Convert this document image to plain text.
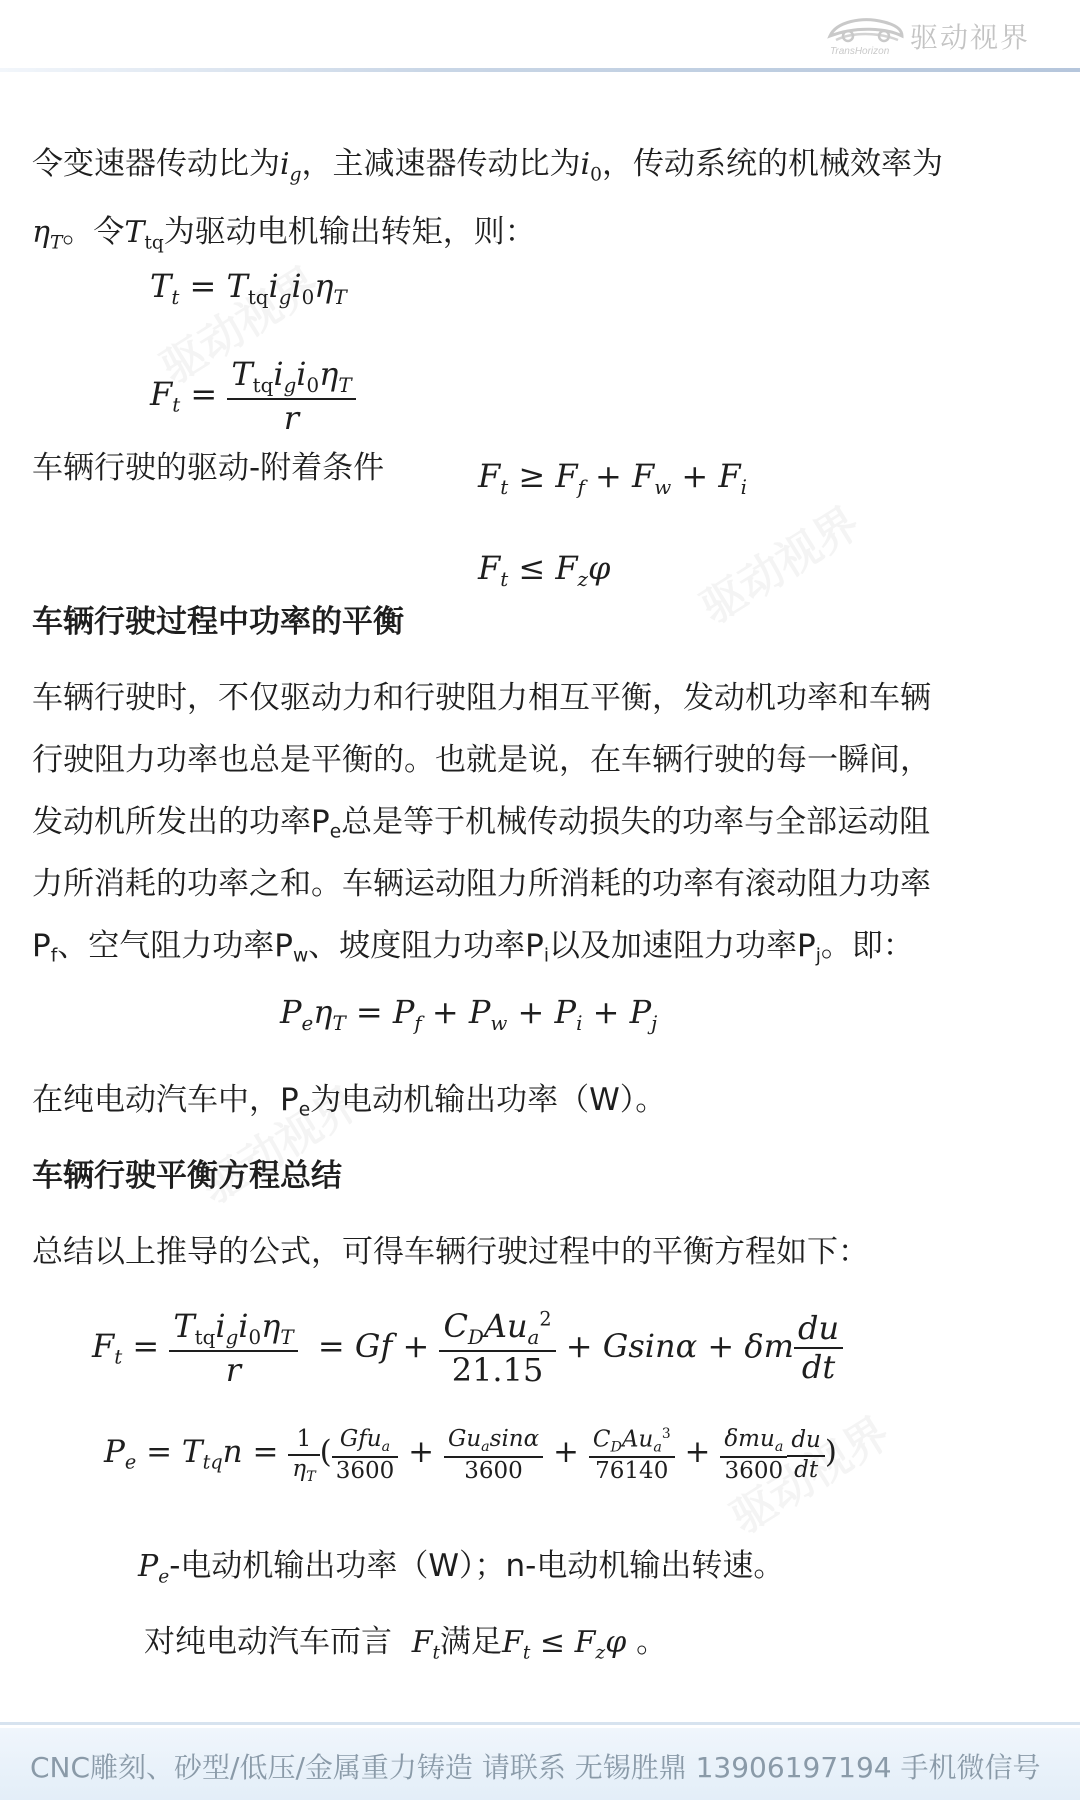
驱动视界
TransHorizon
令变速器传动比为$i_g$，主减速器传动比为$i_0$，传动系统的机械效率为
$\eta_T$。令$T_{tq}$为驱动电机输出转矩，则：
$T_t = T_{tq}i_gi_0\eta_T$
$F_t = \frac{T_{tq}i_gi_0\eta_T}{r}$
车辆行驶的驱动-附着条件	$F_t \ge F_f + F_w + F_i$
$F_t \le F_z\varphi$
车辆行驶过程中功率的平衡
车辆行驶时，不仅驱动力和行驶阻力相互平衡，发动机功率和车辆
行驶阻力功率也总是平衡的。也就是说，在车辆行驶的每一瞬间，
发动机所发出的功率Pe总是等于机械传动损失的功率与全部运动阻
力所消耗的功率之和。车辆运动阻力所消耗的功率有滚动阻力功率
Pf、空气阻力功率Pw、坡度阻力功率Pi以及加速阻力功率Pj。即：
$P_e\eta_T = P_f + P_w + P_i + P_j$
在纯电动汽车中，Pe为电动机输出功率（W）。
车辆行驶平衡方程总结
总结以上推导的公式，可得车辆行驶过程中的平衡方程如下：
$F_t = \frac{T_{tq}i_gi_0\eta_T}{r} = Gf + \frac{C_DAu_a^2}{21.15} + Gsin\alpha + \delta m \frac{du}{dt}$
$P_e = T_{tq}n = \frac{1}{\eta_T}$ ( $\frac{Gfu_a}{3600} + \frac{Gu_a\sin\alpha}{3600} + \frac{C_DAu_a^3}{76140} + \frac{\delta mu_a}{3600} \frac{du}{dt}$ )
$P_e-$电动机输出功率（W）；n-电动机输出转速。
对纯电动汽车而言 $F_t$满足$F_t \le F_z\varphi$ 。
CNC雕刻、砂型/低压/金属重力铸造 请联系 无锡胜鼎 13906197194 手机微信号
